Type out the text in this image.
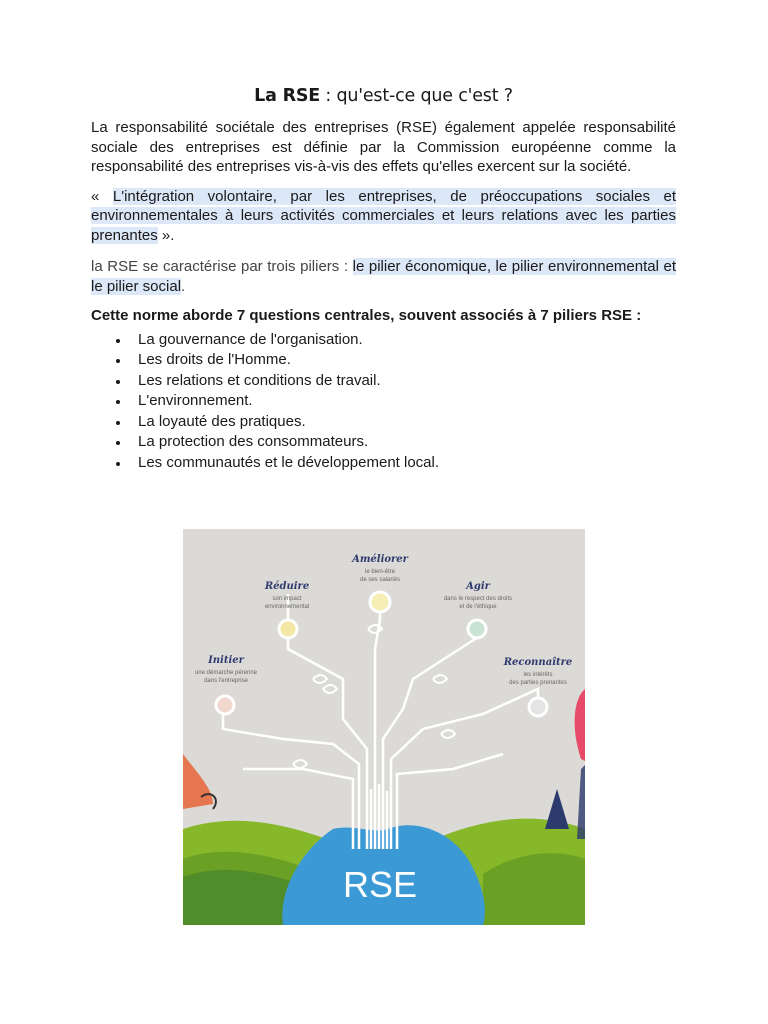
La RSE : qu'est-ce que c'est ?

La responsabilité sociétale des entreprises (RSE) également appelée responsabilité sociale des entreprises est définie par la Commission européenne comme la responsabilité des entreprises vis-à-vis des effets qu'elles exercent sur la société.

« L'intégration volontaire, par les entreprises, de préoccupations sociales et environnementales à leurs activités commerciales et leurs relations avec les parties prenantes ».

la RSE se caractérise par trois piliers : le pilier économique, le pilier environnemental et le pilier social.

Cette norme aborde 7 questions centrales, souvent associés à 7 piliers RSE :

La gouvernance de l'organisation.
Les droits de l'Homme.
Les relations et conditions de travail.
L'environnement.
La loyauté des pratiques.
La protection des consommateurs.
Les communautés et le développement local.
Améliorer
le bien-être
de ses salariés
Réduire
son impact
environnemental
Agir
dans le respect des droits
et de l'éthique
Initier
une démarche pérenne
dans l'entreprise
Reconnaître
les intérêts
des parties prenantes
RSE
